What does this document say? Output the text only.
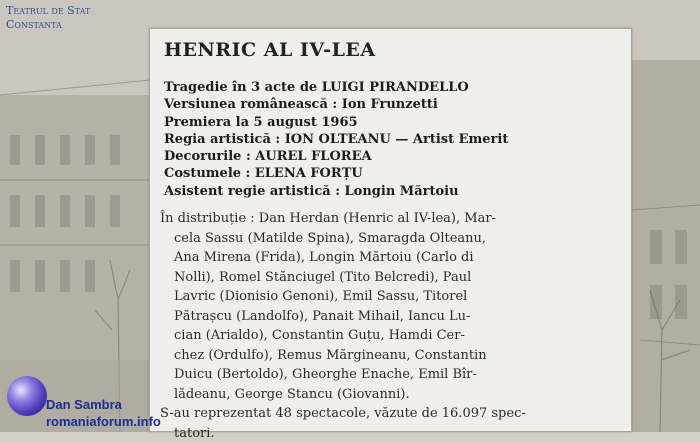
Teatrul de Stat
Constanta
HENRIC AL IV-LEA
Tragedie în 3 acte de LUIGI PIRANDELLO
Versiunea românească : Ion Frunzetti
Premiera la 5 august 1965
Regia artistică : ION OLTEANU — Artist Emerit
Decorurile : AUREL FLOREA
Costumele : ELENA FORȚU
Asistent regie artistică : Longin Mărtoiu
În distribuție : Dan Herdan (Henric al IV-lea), Mar-
cela Sassu (Matilde Spina), Smaragda Olteanu,
Ana Mirena (Frida), Longin Mărtoiu (Carlo di
Nolli), Romel Stănciugel (Tito Belcredi), Paul
Lavric (Dionisio Genoni), Emil Sassu, Titorel
Pătrașcu (Landolfo), Panait Mihail, Iancu Lu-
cian (Arialdo), Constantin Guțu, Hamdi Cer-
chez (Ordulfo), Remus Mărgineanu, Constantin
Duicu (Bertoldo), Gheorghe Enache, Emil Bîr-
lădeanu, George Stancu (Giovanni).
S-au reprezentat 48 spectacole, văzute de 16.097 spec-
tatori.
Dan Sambra
romaniaforum.info
